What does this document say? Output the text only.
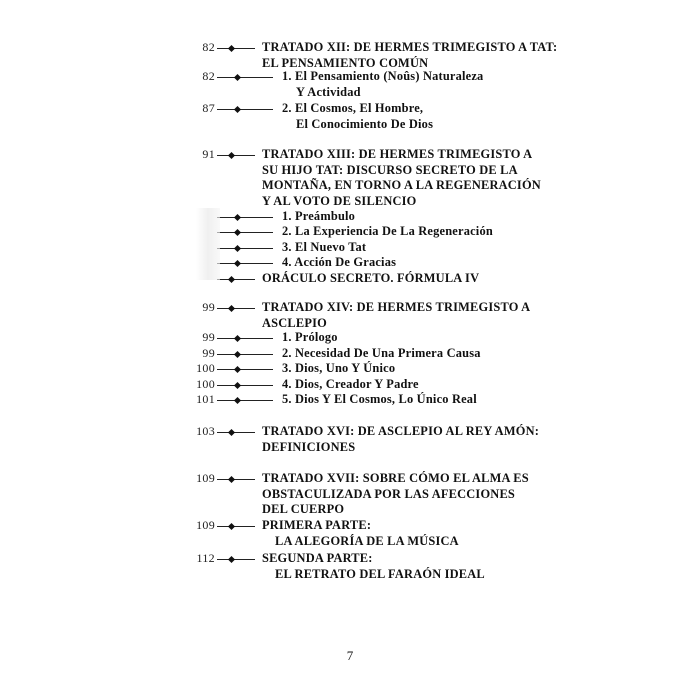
82	TRATADO XII: DE HERMES TRIMEGISTO A TAT:
EL PENSAMIENTO COMÚN
82	1. El Pensamiento (Noûs) Naturaleza
Y Actividad
87	2. El Cosmos, El Hombre,
El Conocimiento De Dios
91	TRATADO XIII: DE HERMES TRIMEGISTO A
SU HIJO TAT: DISCURSO SECRETO DE LA
MONTAÑA, EN TORNO A LA REGENERACIÓN
Y AL VOTO DE SILENCIO
1. Preámbulo
2. La Experiencia De La Regeneración
3. El Nuevo Tat
4. Acción De Gracias
ORÁCULO SECRETO. FÓRMULA IV
99	TRATADO XIV: DE HERMES TRIMEGISTO A
ASCLEPIO
99	1. Prólogo
99	2. Necesidad De Una Primera Causa
100	3. Dios, Uno Y Único
100	4. Dios, Creador Y Padre
101	5. Dios Y El Cosmos, Lo Único Real
103	TRATADO XVI: DE ASCLEPIO AL REY AMÓN:
DEFINICIONES
109	TRATADO XVII: SOBRE CÓMO EL ALMA ES
OBSTACULIZADA POR LAS AFECCIONES
DEL CUERPO
109	PRIMERA PARTE:
LA ALEGORÍA DE LA MÚSICA
112	SEGUNDA PARTE:
EL RETRATO DEL FARAÓN IDEAL
7
